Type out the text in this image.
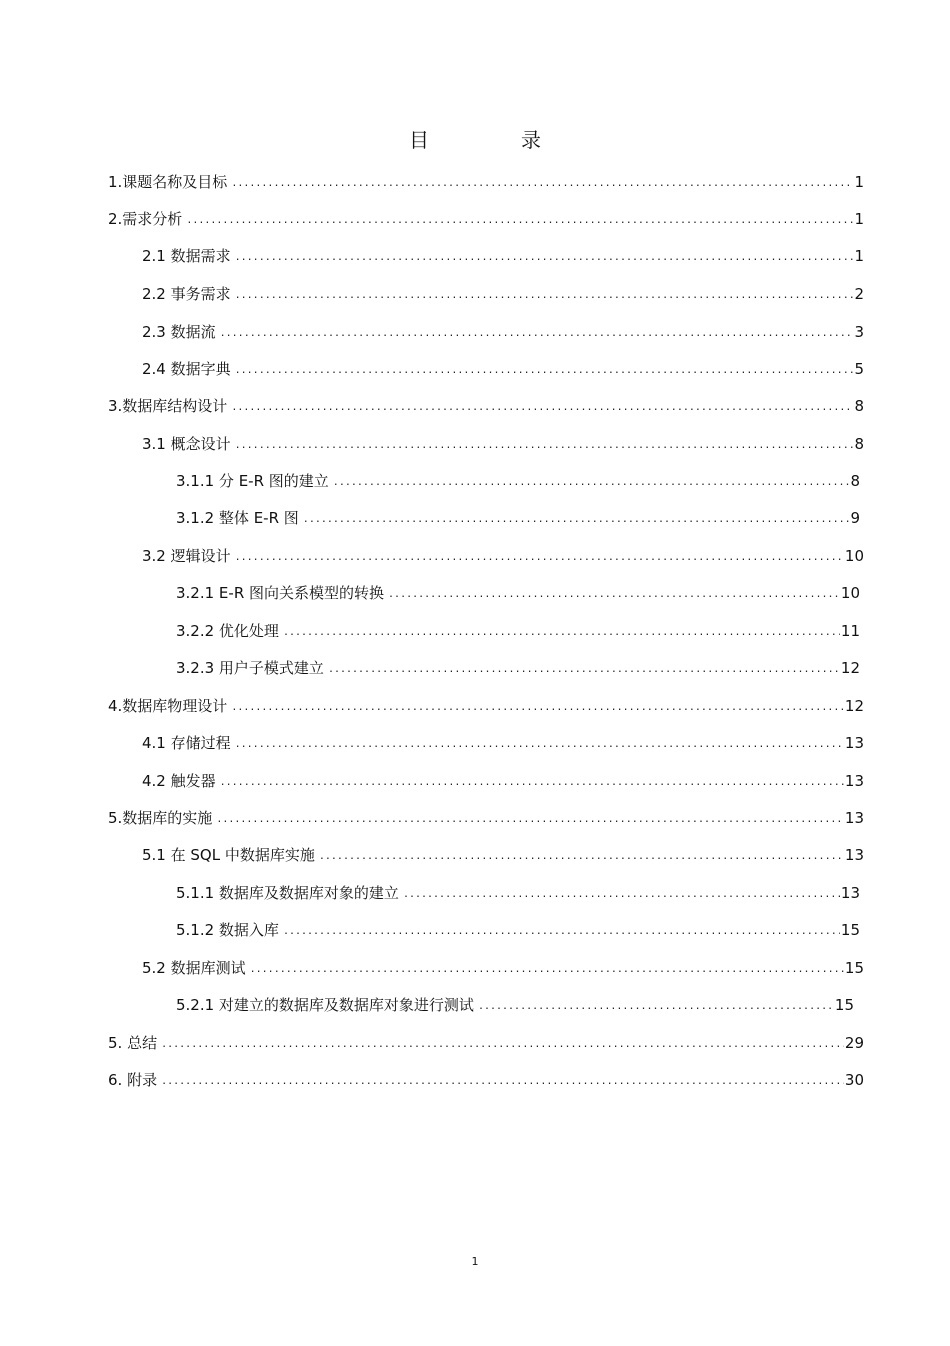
目	录
1.课题名称及目标 .....	1
2.需求分析 .....	1
2.1 数据需求 .....	1
2.2 事务需求 .....	2
2.3 数据流 .....	3
2.4 数据字典 .....	5
3.数据库结构设计 .....	8
3.1 概念设计 .....	8
3.1.1 分 E-R 图的建立 .....	8
3.1.2 整体 E-R 图 .....	9
3.2 逻辑设计 .....	10
3.2.1 E-R 图向关系模型的转换 .....	10
3.2.2 优化处理 .....	11
3.2.3 用户子模式建立 .....	12
4.数据库物理设计 .....	12
4.1 存储过程 .....	13
4.2 触发器 .....	13
5.数据库的实施 .....	13
5.1 在 SQL 中数据库实施 .....	13
5.1.1 数据库及数据库对象的建立 .....	13
5.1.2 数据入库 .....	15
5.2 数据库测试 .....	15
5.2.1 对建立的数据库及数据库对象进行测试 .....	15
5. 总结 .....	29
6. 附录 .....	30
1
